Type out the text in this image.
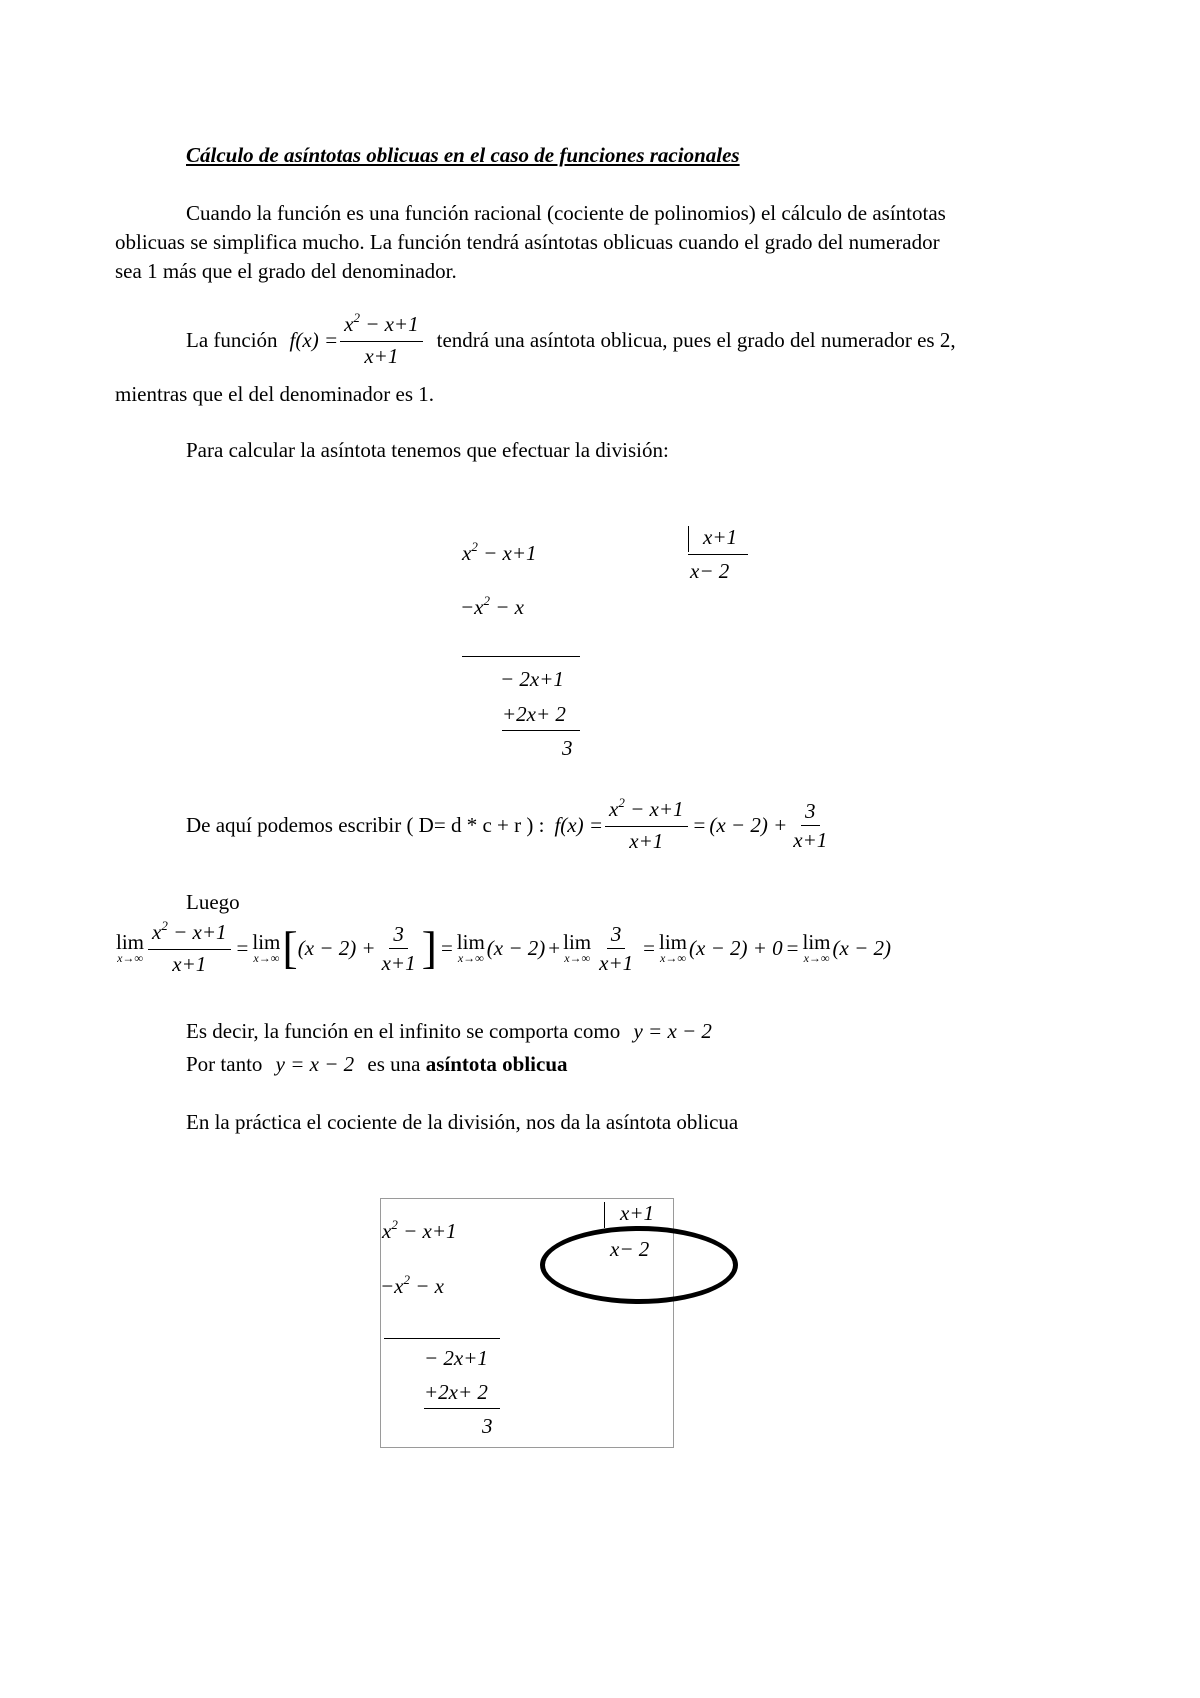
Cálculo de asíntotas oblicuas en el caso de funciones racionales
Cuando la función es una función racional (cociente de polinomios) el cálculo de asíntotas
oblicuas se simplifica mucho. La función tendrá asíntotas oblicuas cuando el grado del numerador
sea 1 más que el grado del denominador.
La función $f(x) = \frac{x^2 - x+1}{x+1}$ tendrá una asíntota oblicua, pues el grado del numerador es 2,
mientras que el del denominador es 1.
Para calcular la asíntota tenemos que efectuar la división:
$x^2 - x+1$
x+1
x− 2
$-x^2 - x$
− 2x+1
+2x+ 2
3
De aquí podemos escribir ( D= d * c + r ) : $f(x) = \frac{x^2 - x+1}{x+1} = (x - 2) + \frac{3}{x+1}$
Luego
lim
$x\to\infty \frac{x^2 - x+1}{x+1} = \lim$
x→∞ [ $(x - 2) + \frac{3}{x+1}$ ] = lim
x→∞ (x − 2) + lim
$x\to\infty \frac{3}{x+1} = \lim$
x→∞ (x − 2) + 0 = lim
x→∞ (x − 2)
Es decir, la función en el infinito se comporta como y = x − 2
Por tanto y = x − 2 es una asíntota oblicua
En la práctica el cociente de la división, nos da la asíntota oblicua
$x^2 - x+1$
x+1
x− 2
$-x^2 - x$
− 2x+1
+2x+ 2
3
